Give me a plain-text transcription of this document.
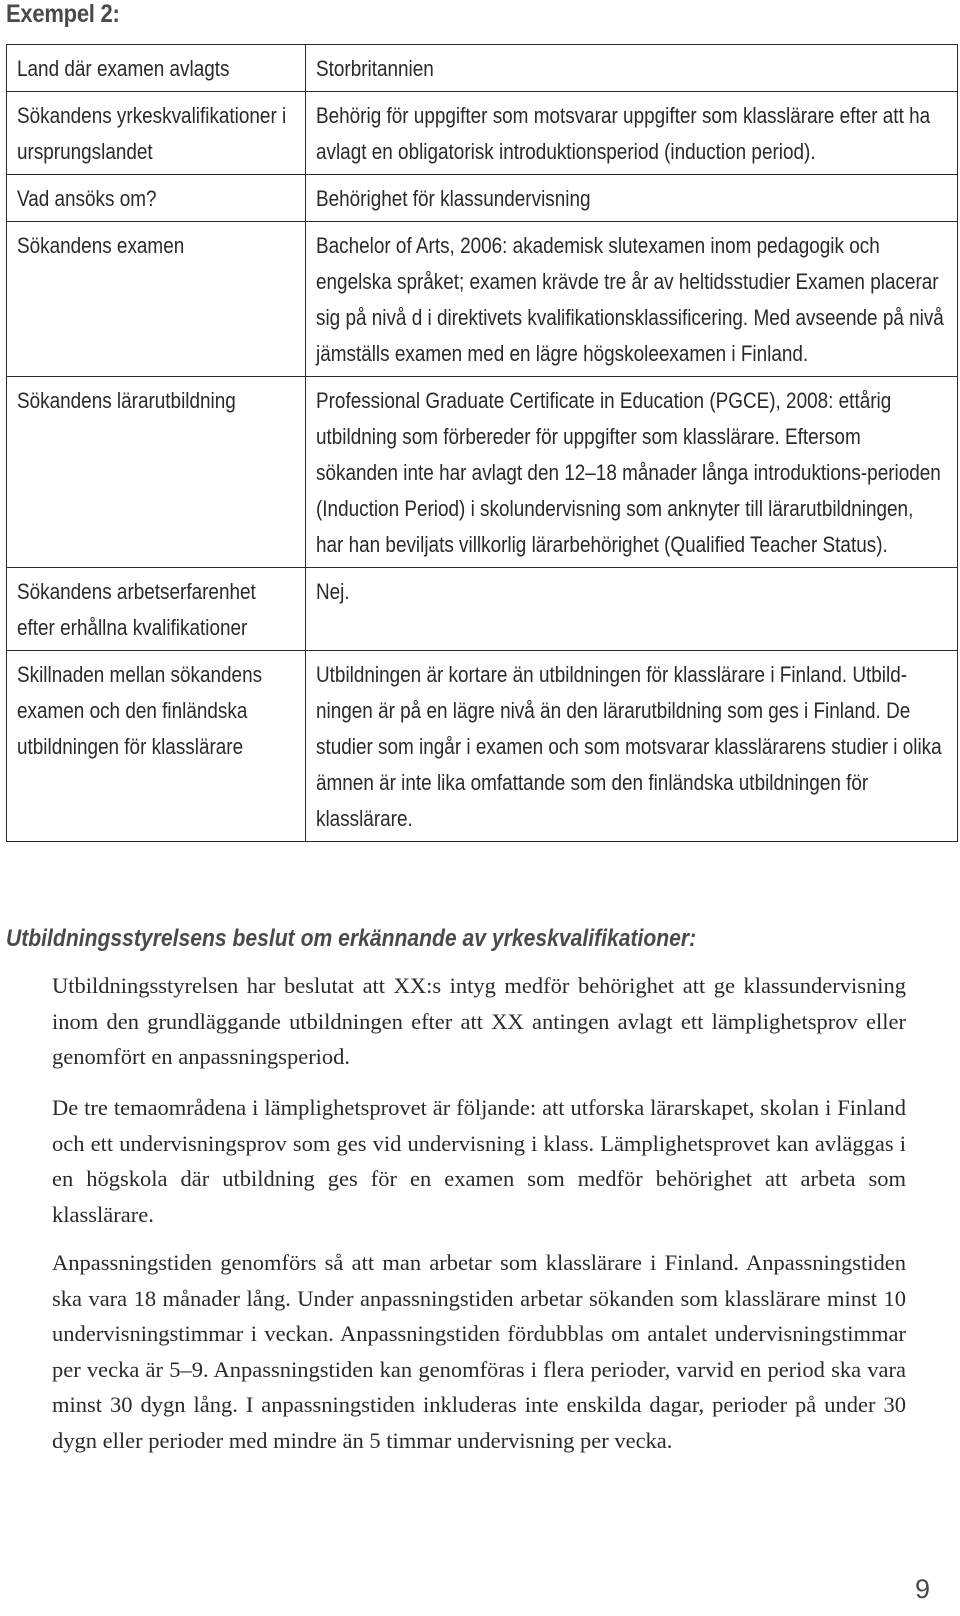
Exempel 2:
Land där examen avlagts	Storbritannien

Sökandens yrkeskvalifikationer i ursprungslandet	Behörig för uppgifter som motsvarar uppgifter som klasslärare efter att ha avlagt en obligatorisk introduktionsperiod (induction period).

Vad ansöks om?	Behörighet för klassundervisning

Sökandens examen	Bachelor of Arts, 2006: akademisk slutexamen inom pedagogik och engelska språket; examen krävde tre år av heltidsstudier Examen placerar sig på nivå d i direktivets kvalifikationsklassificering. Med avseende på nivå jämställs examen med en lägre högskoleexamen i Finland.

Sökandens lärarutbildning	Professional Graduate Certificate in Education (PGCE), 2008: ettårig utbildning som förbereder för uppgifter som klasslärare. Eftersom sökanden inte har avlagt den 12–18 månader långa introduktions-perioden (Induction Period) i skolundervisning som anknyter till lärarutbildningen, har han beviljats villkorlig lärarbehörighet (Qualified Teacher Status).

Sökandens arbetserfarenhet efter erhållna kvalifikationer	Nej.

Skillnaden mellan sökandens examen och den finländska utbildningen för klasslärare	Utbildningen är kortare än utbildningen för klasslärare i Finland. Utbild-ningen är på en lägre nivå än den lärarutbildning som ges i Finland. De studier som ingår i examen och som motsvarar klasslärarens studier i olika ämnen är inte lika omfattande som den finländska utbildningen för klasslärare.
Utbildningsstyrelsens beslut om erkännande av yrkeskvalifikationer:

Utbildningsstyrelsen har beslutat att XX:s intyg medför behörighet att ge klassundervisning inom den grundläggande utbildningen efter att XX antingen avlagt ett lämplighetsprov eller genomfört en anpassningsperiod.

De tre temaområdena i lämplighetsprovet är följande: att utforska lärarskapet, skolan i Finland och ett undervisningsprov som ges vid undervisning i klass. Lämplighetsprovet kan avläggas i en högskola där utbildning ges för en examen som medför behörighet att arbeta som klasslärare.

Anpassningstiden genomförs så att man arbetar som klasslärare i Finland. Anpassningstiden ska vara 18 månader lång. Under anpassningstiden arbetar sökanden som klasslärare minst 10 undervisningstimmar i veckan. Anpassningstiden fördubblas om antalet undervisningstimmar per vecka är 5–9. Anpassningstiden kan genomföras i flera perioder, varvid en period ska vara minst 30 dygn lång. I anpassningstiden inkluderas inte enskilda dagar, perioder på under 30 dygn eller perioder med mindre än 5 timmar undervisning per vecka.

9
